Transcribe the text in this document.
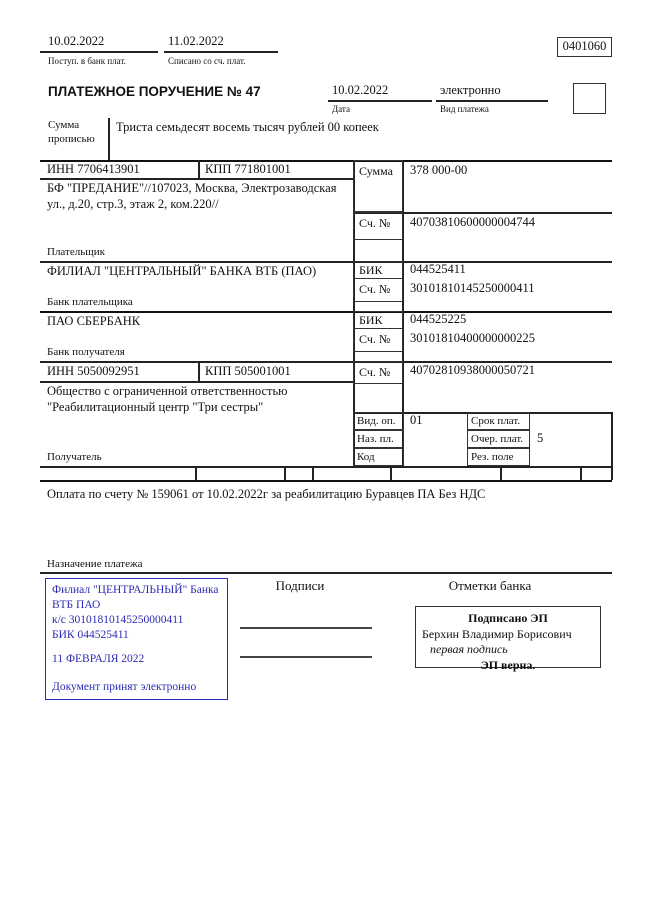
10.02.2022
Поступ. в банк плат.
11.02.2022
Списано со сч. плат.
0401060
ПЛАТЕЖНОЕ ПОРУЧЕНИЕ № 47	10.02.2022
Дата
электронно
Вид платежа
Сумма прописью
Триста семьдесят восемь тысяч рублей 00 копеек
ИНН 7706413901	КПП 771801001	Сумма 378 000-00
БФ "ПРЕДАНИЕ"//107023, Москва, Электрозаводская ул., д.20, стр.3, этаж 2, ком.220//
Сч. № 40703810600000004744
Плательщик
ФИЛИАЛ "ЦЕНТРАЛЬНЫЙ" БАНКА ВТБ (ПАО)	БИК 044525411
Сч. № 30101810145250000411
Банк плательщика
ПАО СБЕРБАНК	БИК 044525225
Сч. № 30101810400000000225
Банк получателя
ИНН 5050092951	КПП 505001001	Сч. № 40702810938000050721
Общество с ограниченной ответственностью "Реабилитационный центр "Три сестры"
Вид. оп. 01	Срок плат.
Наз. пл.	Очер. плат. 5
Код	Рез. поле
Получатель
Оплата по счету № 159061 от 10.02.2022г за реабилитацию Буравцев ПА Без НДС
Назначение платежа
Подписи	Отметки банка
Филиал "ЦЕНТРАЛЬНЫЙ" Банка ВТБ ПАО
к/с 30101810145250000411
БИК 044525411
11 ФЕВРАЛЯ 2022
Документ принят электронно
Подписано ЭП
Берхин Владимир Борисович
первая подпись
ЭП верна.
